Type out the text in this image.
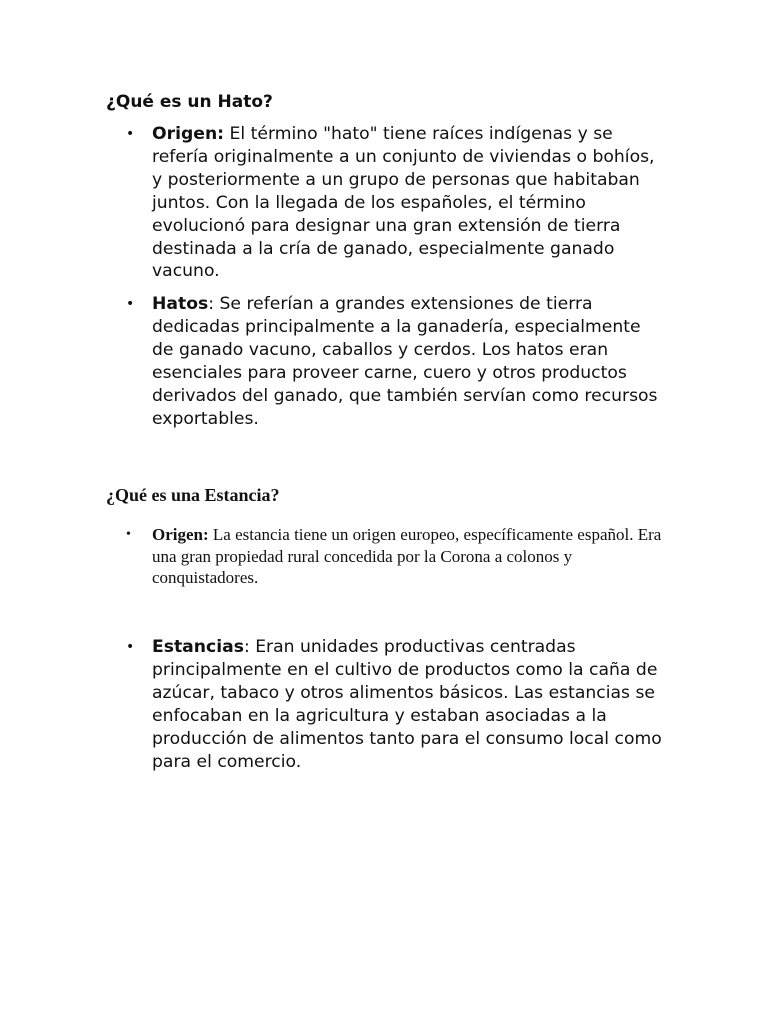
¿Qué es un Hato?
• Origen: El término "hato" tiene raíces indígenas y se refería originalmente a un conjunto de viviendas o bohíos, y posteriormente a un grupo de personas que habitaban juntos. Con la llegada de los españoles, el término evolucionó para designar una gran extensión de tierra destinada a la cría de ganado, especialmente ganado vacuno.
• Hatos: Se referían a grandes extensiones de tierra dedicadas principalmente a la ganadería, especialmente de ganado vacuno, caballos y cerdos. Los hatos eran esenciales para proveer carne, cuero y otros productos derivados del ganado, que también servían como recursos exportables.
¿Qué es una Estancia?
• Origen: La estancia tiene un origen europeo, específicamente español. Era una gran propiedad rural concedida por la Corona a colonos y conquistadores.
• Estancias: Eran unidades productivas centradas principalmente en el cultivo de productos como la caña de azúcar, tabaco y otros alimentos básicos. Las estancias se enfocaban en la agricultura y estaban asociadas a la producción de alimentos tanto para el consumo local como para el comercio.
